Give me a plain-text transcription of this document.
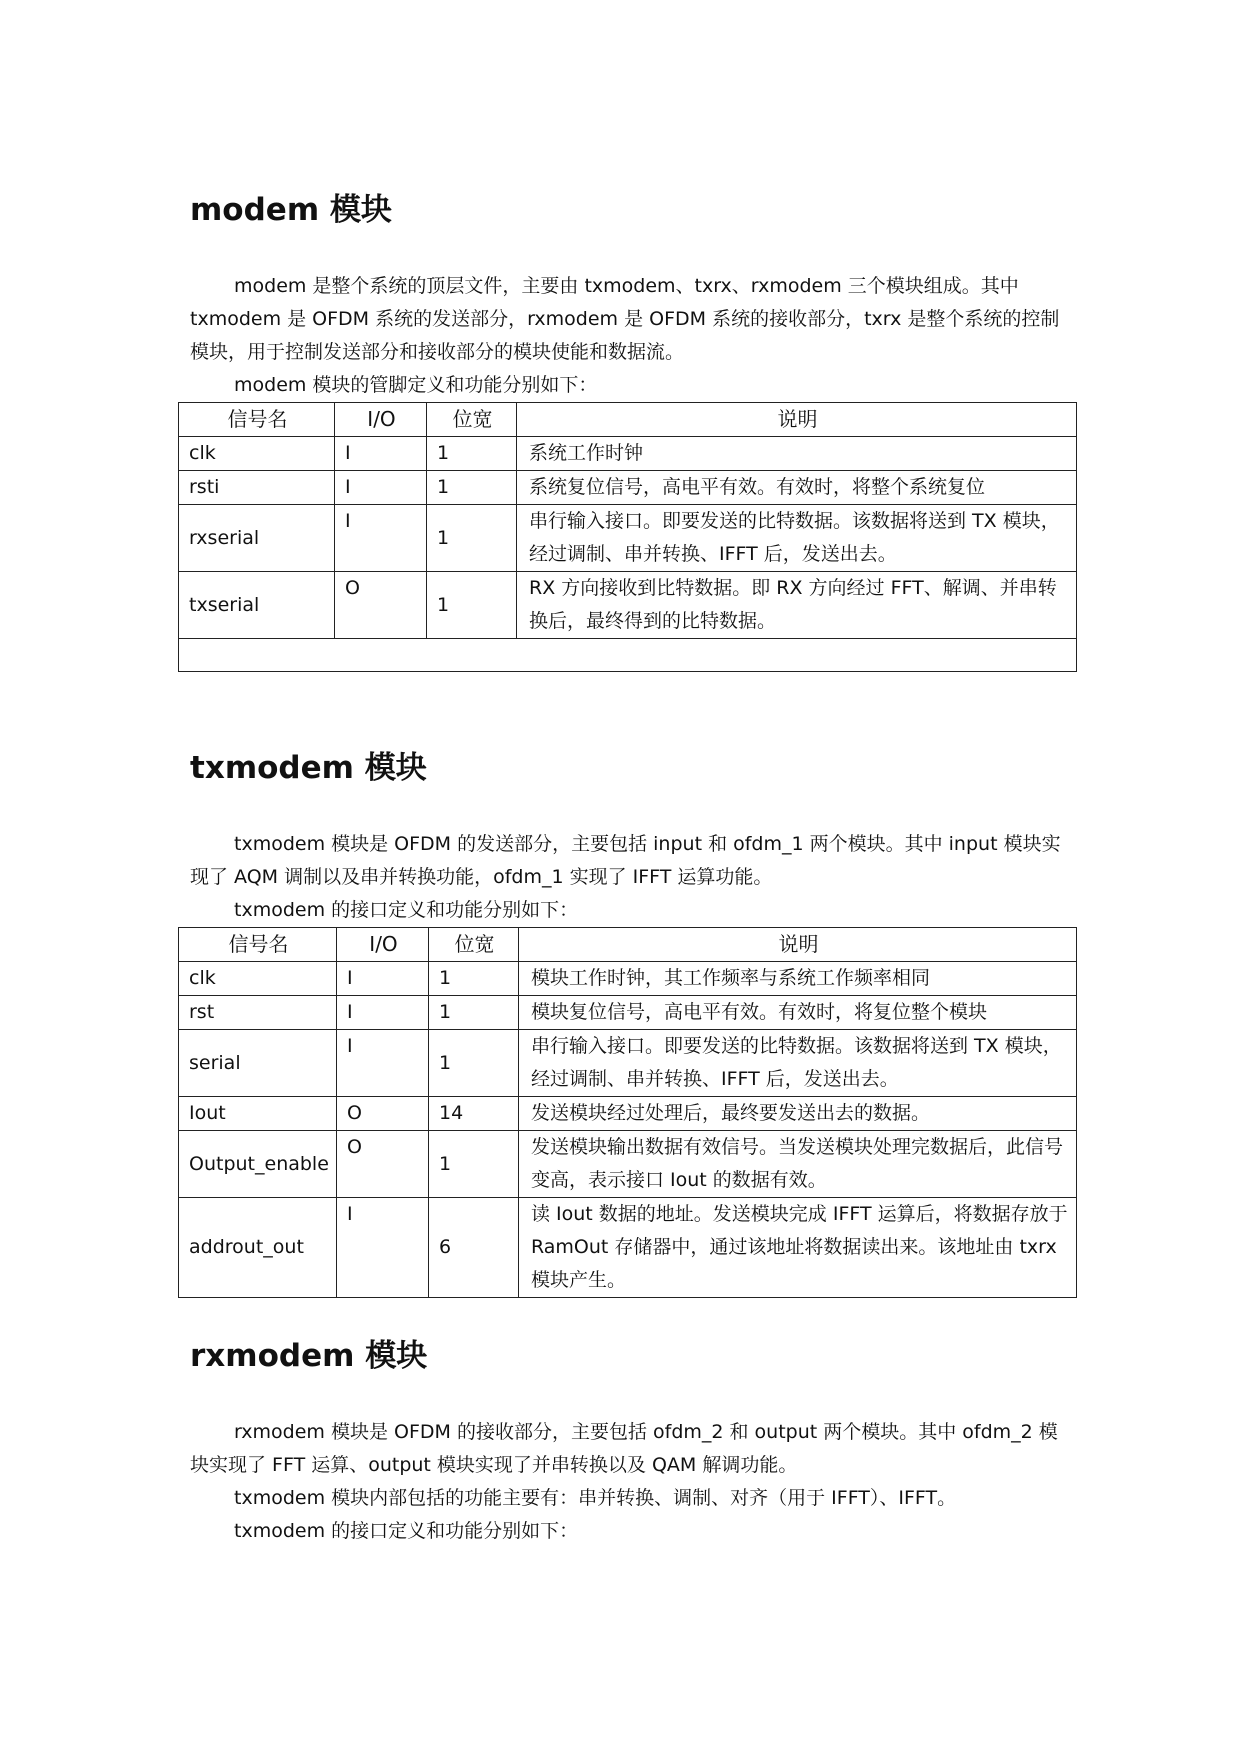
modem 模块

modem 是整个系统的顶层文件，主要由 txmodem、txrx、rxmodem 三个模块组成。其中 txmodem 是 OFDM 系统的发送部分，rxmodem 是 OFDM 系统的接收部分，txrx 是整个系统的控制模块，用于控制发送部分和接收部分的模块使能和数据流。

modem 模块的管脚定义和功能分别如下：

信号名	I/O	位宽	说明
clk	I	1	系统工作时钟
rsti	I	1	系统复位信号，高电平有效。有效时，将整个系统复位
rxserial	I	1	串行输入接口。即要发送的比特数据。该数据将送到 TX 模块，经过调制、串并转换、IFFT 后，发送出去。
txserial	O	1	RX 方向接收到比特数据。即 RX 方向经过 FFT、解调、并串转换后，最终得到的比特数据。

txmodem 模块

txmodem 模块是 OFDM 的发送部分，主要包括 input 和 ofdm_1 两个模块。其中 input 模块实现了 AQM 调制以及串并转换功能，ofdm_1 实现了 IFFT 运算功能。

txmodem 的接口定义和功能分别如下：

信号名	I/O	位宽	说明
clk	I	1	模块工作时钟，其工作频率与系统工作频率相同
rst	I	1	模块复位信号，高电平有效。有效时，将复位整个模块
serial	I	1	串行输入接口。即要发送的比特数据。该数据将送到 TX 模块，经过调制、串并转换、IFFT 后，发送出去。
Iout	O	14	发送模块经过处理后，最终要发送出去的数据。
Output_enable	O	1	发送模块输出数据有效信号。当发送模块处理完数据后，此信号变高，表示接口 Iout 的数据有效。
addrout_out	I	6	读 Iout 数据的地址。发送模块完成 IFFT 运算后，将数据存放于 RamOut 存储器中，通过该地址将数据读出来。该地址由 txrx 模块产生。
rxmodem 模块

rxmodem 模块是 OFDM 的接收部分，主要包括 ofdm_2 和 output 两个模块。其中 ofdm_2 模块实现了 FFT 运算、output 模块实现了并串转换以及 QAM 解调功能。

txmodem 模块内部包括的功能主要有：串并转换、调制、对齐（用于 IFFT）、IFFT。

txmodem 的接口定义和功能分别如下：
